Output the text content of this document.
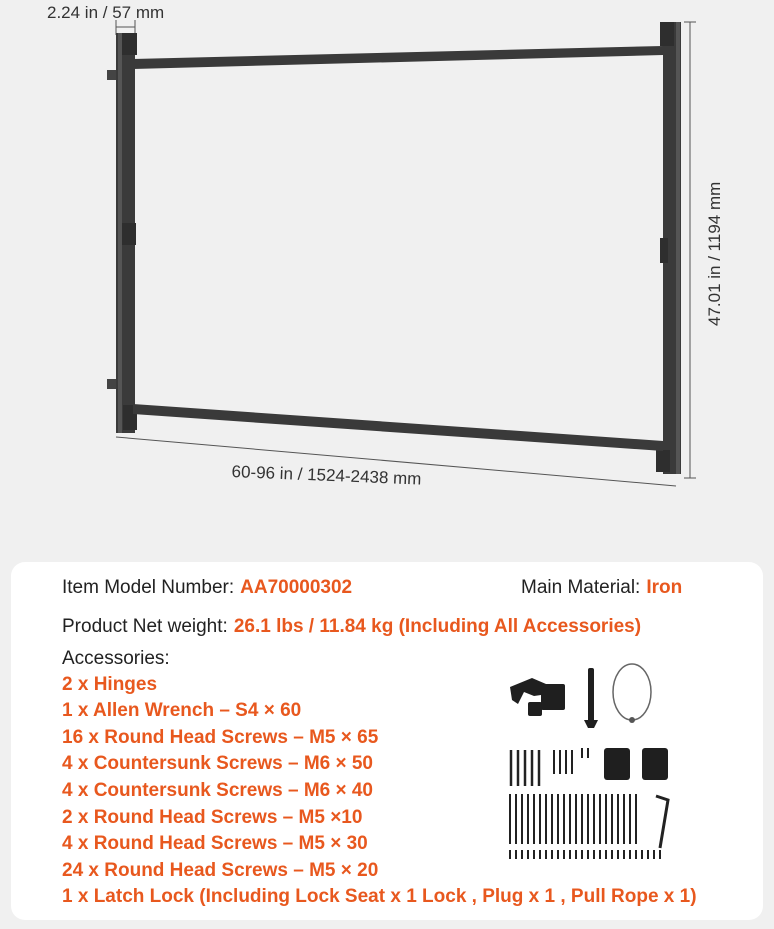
2.24 in / 57 mm
60-96 in / 1524-2438 mm
47.01 in / 1194 mm
Item Model Number: AA70000302	Main Material: Iron
Product Net weight: 26.1 lbs / 11.84 kg (Including All Accessories)
Accessories:
2 x Hinges
1 x Allen Wrench – S4 × 60
16 x Round Head Screws – M5 × 65
4 x Countersunk Screws – M6 × 50
4 x Countersunk Screws – M6 × 40
2 x Round Head Screws – M5 ×10
4 x Round Head Screws – M5 × 30
24 x Round Head Screws – M5 × 20
1 x Latch Lock (Including Lock Seat x 1 Lock , Plug x 1 , Pull Rope x 1)
